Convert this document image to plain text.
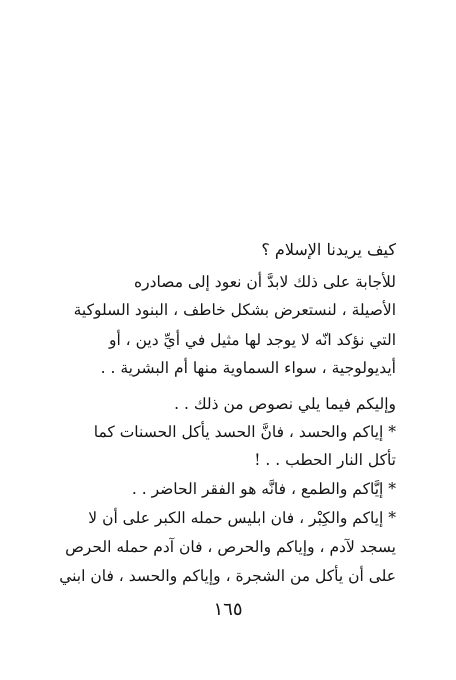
كيف يريدنا الإسلام ؟
للأجابة على ذلك لابدَّ أن نعود إلى مصادره
الأصيلة ، لنستعرض بشكل خاطف ، البنود السلوكية
التي نؤكد انّه لا يوجد لها مثيل في أيِّ دين ، أو
أيديولوجية ، سواء السماوية منها أم البشرية . .
وإليكم فيما يلي نصوص من ذلك . .
* إياكم والحسد ، فانَّ الحسد يأكل الحسنات كما
تأكل النار الحطب . . !
* إيَّاكم والطمع ، فانَّه هو الفقر الحاضر . .
* إياكم والكِبْر ، فان ابليس حمله الكبر على أن لا
يسجد لآدم ، وإياكم والحرص ، فان آدم حمله الحرص
على أن يأكل من الشجرة ، وإياكم والحسد ، فان ابني
١٦٥
